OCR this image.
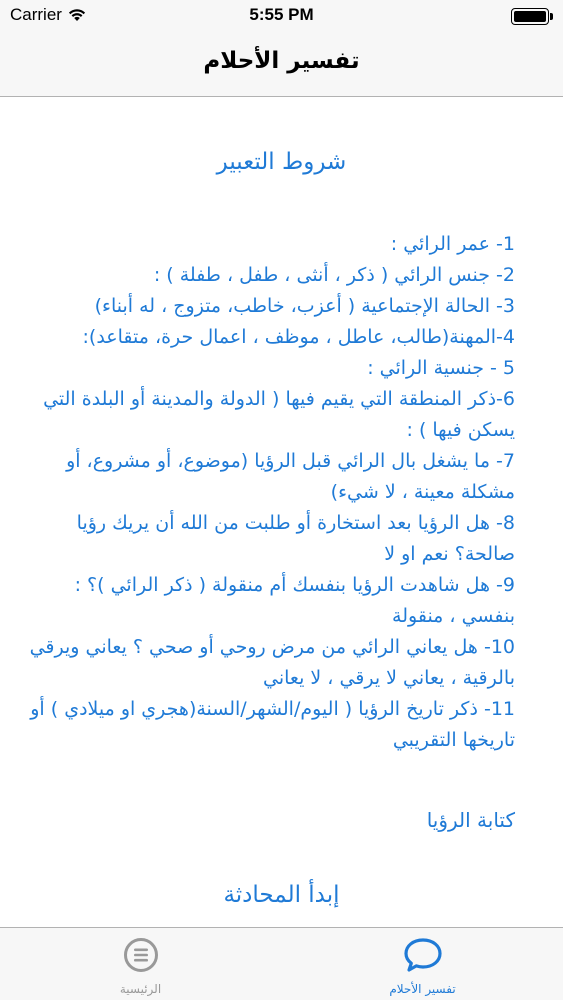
Carrier	5:55 PM
تفسير الأحلام
شروط التعبير
1- عمر الرائي :
2- جنس الرائي ( ذكر ، أنثى ، طفل ، طفلة ) :
3- الحالة الإجتماعية ( أعزب، خاطب، متزوج ، له أبناء)
4-المهنة(طالب، عاطل ، موظف ، اعمال حرة، متقاعد):
5 - جنسية الرائي :
6-ذكر المنطقة التي يقيم فيها ( الدولة والمدينة أو البلدة التي يسكن فيها ) :
7- ما يشغل بال الرائي قبل الرؤيا (موضوع، أو مشروع، أو مشكلة معينة ، لا شيء)
8- هل الرؤيا بعد استخارة أو طلبت من الله أن يريك رؤيا صالحة؟ نعم او لا
9- هل شاهدت الرؤيا بنفسك أم منقولة ( ذكر الرائي )؟ : بنفسي ، منقولة
10- هل يعاني الرائي من مرض روحي أو صحي ؟ يعاني ويرقي بالرقية ، يعاني لا يرقي ، لا يعاني
11- ذكر تاريخ الرؤيا ( اليوم/الشهر/السنة(هجري او ميلادي ) أو تاريخها التقريبي
كتابة الرؤيا
إبدأ المحادثة
الرئيسية	تفسير الأحلام
